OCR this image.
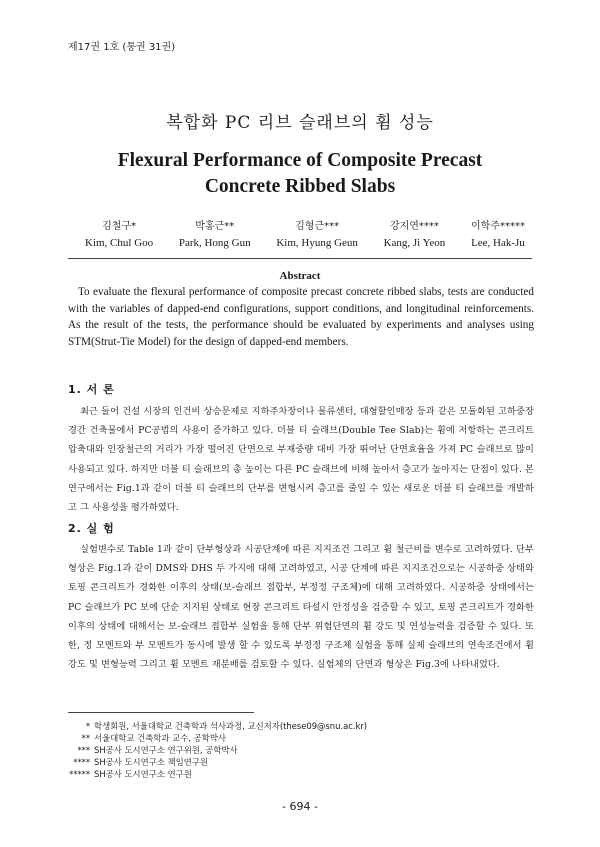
제17권 1호 (통권 31권)
복합화 PC 리브 슬래브의 휨 성능
Flexural Performance of Composite Precast
Concrete Ribbed Slabs
김철구*
Kim, Chul Goo
박홍근**
Park, Hong Gun
김형근***
Kim, Hyung Geun
강지연****
Kang, Ji Yeon
이학주*****
Lee, Hak-Ju
Abstract
To evaluate the flexural performance of composite precast concrete ribbed slabs, tests are conducted with the variables of dapped-end configurations, support conditions, and longitudinal reinforcements. As the result of the tests, the performance should be evaluated by experiments and analyses using STM(Strut-Tie Model) for the design of dapped-end members.
1. 서 론
최근 들어 건설 시장의 인건비 상승문제로 지하주차장이나 물류센터, 대형할인매장 등과 같은 모듈화된 고하중장경간 건축물에서 PC공법의 사용이 증가하고 있다. 더블 티 슬래브(Double Tee Slab)는 휨에 저항하는 콘크리트 압축대와 인장철근의 거리가 가장 떨어진 단면으로 부재중량 대비 가장 뛰어난 단면효율을 가져 PC 슬래브로 많이 사용되고 있다. 하지만 더블 티 슬래브의 총 높이는 다른 PC 슬래브에 비해 높아서 층고가 높아지는 단점이 있다. 본 연구에서는 Fig.1과 같이 더블 티 슬래브의 단부를 변형시켜 층고를 줄일 수 있는 새로운 더블 티 슬래브를 개발하고 그 사용성을 평가하였다.
2. 실 험
실험변수로 Table 1과 같이 단부형상과 시공단계에 따른 지지조건 그리고 휨 철근비를 변수로 고려하였다. 단부형상은 Fig.1과 같이 DMS와 DHS 두 가지에 대해 고려하였고, 시공 단계에 따른 지지조건으로는 시공하중 상태와 토핑 콘크리트가 경화한 이후의 상태(보-슬래브 접합부, 부정정 구조체)에 대해 고려하였다. 시공하중 상태에서는 PC 슬래브가 PC 보에 단순 지지된 상태로 현장 콘크리트 타설시 안정성을 검증할 수 있고, 토핑 콘크리트가 경화한 이후의 상태에 대해서는 보-슬래브 접합부 실험을 통해 단부 위험단면의 휨 강도 및 연성능력을 검증할 수 있다. 또한, 정 모멘트와 부 모멘트가 동시에 발생 할 수 있도록 부정정 구조체 실험을 통해 실제 슬래브의 연속조건에서 휨 강도 및 변형능력 그리고 휨 모멘트 재분배를 검토할 수 있다. 실험체의 단면과 형상은 Fig.3에 나타내었다.
* 학생회원, 서울대학교 건축학과 석사과정, 교신저자(these09@snu.ac.kr)
** 서울대학교 건축학과 교수, 공학박사
*** SH공사 도시연구소 연구위원, 공학박사
**** SH공사 도시연구소 책임연구원
***** SH공사 도시연구소 연구원
- 694 -
